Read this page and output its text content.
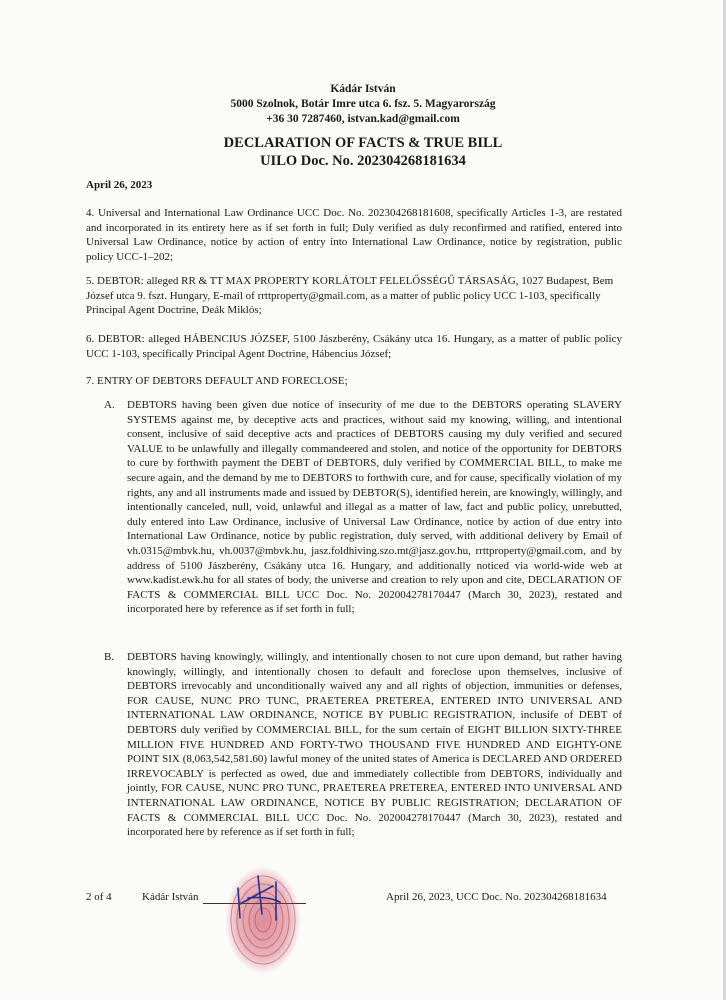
Kádár István
5000 Szolnok, Botár Imre utca 6. fsz. 5. Magyarország
+36 30 7287460, istvan.kad@gmail.com
DECLARATION OF FACTS & TRUE BILL
UILO Doc. No. 202304268181634
April 26, 2023

4. Universal and International Law Ordinance UCC Doc. No. 202304268181608, specifically Articles 1-3, are restated and incorporated in its entirety here as if set forth in full; Duly verified as duly reconfirmed and ratified, entered into Universal Law Ordinance, notice by action of entry into International Law Ordinance, notice by registration, public policy UCC-1–202;

5. DEBTOR: alleged RR & TT MAX PROPERTY KORLÁTOLT FELELŐSSÉGŰ TÁRSASÁG, 1027 Budapest, Bem József utca 9. fszt. Hungary, E-mail of rrttproperty@gmail.com, as a matter of public policy UCC 1-103, specifically Principal Agent Doctrine, Deák Miklós;

6. DEBTOR: alleged HÁBENCIUS JÓZSEF, 5100 Jászberény, Csákány utca 16. Hungary, as a matter of public policy UCC 1-103, specifically Principal Agent Doctrine, Hábencius József;

7. ENTRY OF DEBTORS DEFAULT AND FORECLOSE;

A.	DEBTORS having been given due notice of insecurity of me due to the DEBTORS operating SLAVERY SYSTEMS against me, by deceptive acts and practices, without said my knowing, willing, and intentional consent, inclusive of said deceptive acts and practices of DEBTORS causing my duly verified and secured VALUE to be unlawfully and illegally commandeered and stolen, and notice of the opportunity for DEBTORS to cure by forthwith payment the DEBT of DEBTORS, duly verified by COMMERCIAL BILL, to make me secure again, and the demand by me to DEBTORS to forthwith cure, and for cause, specifically violation of my rights, any and all instruments made and issued by DEBTOR(S), identified herein, are knowingly, willingly, and intentionally canceled, null, void, unlawful and illegal as a matter of law, fact and public policy, unrebutted, duly entered into Law Ordinance, inclusive of Universal Law Ordinance, notice by action of due entry into International Law Ordinance, notice by public registration, duly served, with additional delivery by Email of vh.0315@mbvk.hu, vh.0037@mbvk.hu, jasz.foldhiving.szo.mt@jasz.gov.hu, rrttproperty@gmail.com, and by address of 5100 Jászberény, Csákány utca 16. Hungary, and additionally noticed via world-wide web at www.kadist.ewk.hu for all states of body, the universe and creation to rely upon and cite, DECLARATION OF FACTS & COMMERCIAL BILL UCC Doc. No. 202004278170447 (March 30, 2023), restated and incorporated here by reference as if set forth in full;
B.	DEBTORS having knowingly, willingly, and intentionally chosen to not cure upon demand, but rather having knowingly, willingly, and intentionally chosen to default and foreclose upon themselves, inclusive of DEBTORS irrevocably and unconditionally waived any and all rights of objection, immunities or defenses, FOR CAUSE, NUNC PRO TUNC, PRAETEREA PRETEREA, ENTERED INTO UNIVERSAL AND INTERNATIONAL LAW ORDINANCE, NOTICE BY PUBLIC REGISTRATION, inclusife of DEBT of DEBTORS duly verified by COMMERCIAL BILL, for the sum certain of EIGHT BILLION SIXTY-THREE MILLION FIVE HUNDRED AND FORTY-TWO THOUSAND FIVE HUNDRED AND EIGHTY-ONE POINT SIX (8,063,542,581.60) lawful money of the united states of America is DECLARED AND ORDERED IRREVOCABLY is perfected as owed, due and immediately collectible from DEBTORS, individually and jointly, FOR CAUSE, NUNC PRO TUNC, PRAETEREA PRETEREA, ENTERED INTO UNIVERSAL AND INTERNATIONAL LAW ORDINANCE, NOTICE BY PUBLIC REGISTRATION; DECLARATION OF FACTS & COMMERCIAL BILL UCC Doc. No. 202004278170447 (March 30, 2023), restated and incorporated here by reference as if set forth in full;
2 of 4	Kádár István	April 26, 2023, UCC Doc. No. 202304268181634
